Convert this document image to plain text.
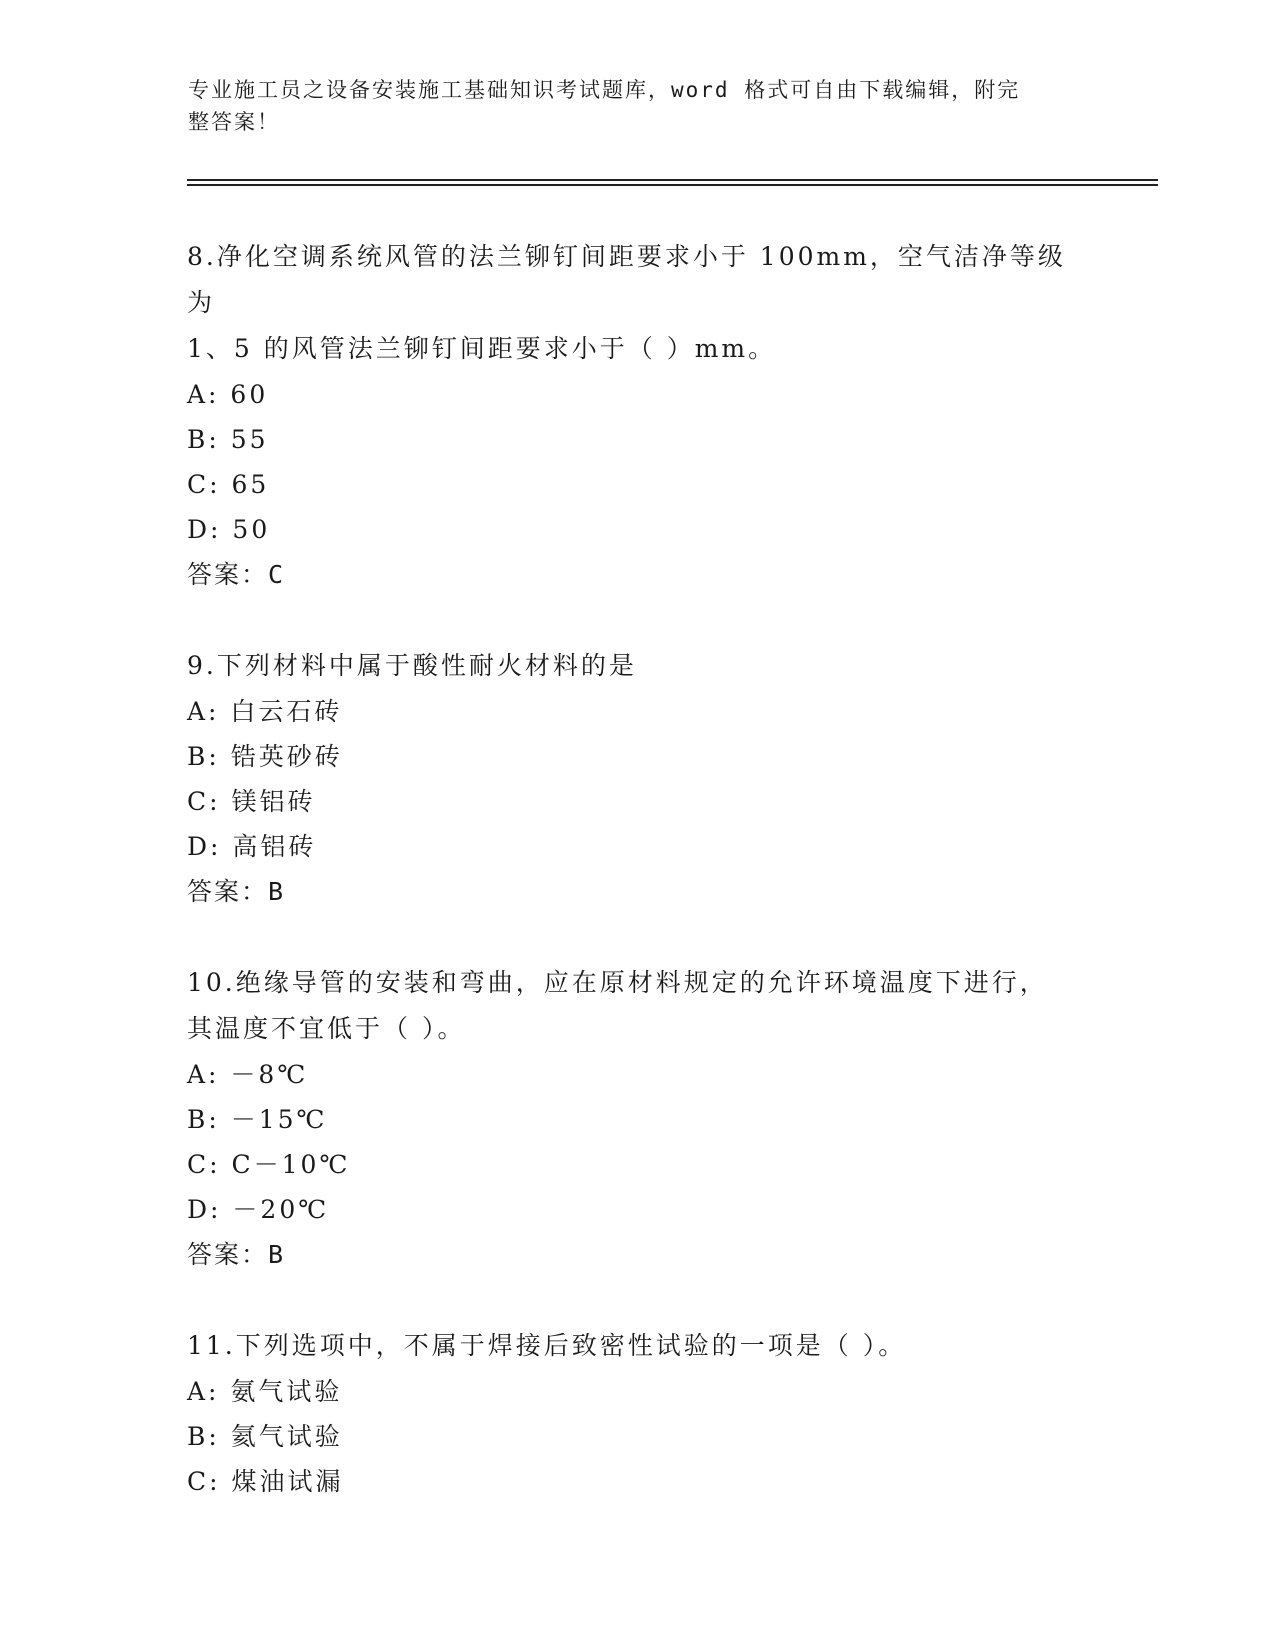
专业施工员之设备安装施工基础知识考试题库，word 格式可自由下载编辑，附完
整答案！
8.净化空调系统风管的法兰铆钉间距要求小于 100mm，空气洁净等级为
1、5 的风管法兰铆钉间距要求小于（ ）mm。
A: 60
B: 55
C: 65
D: 50
答案：C
9.下列材料中属于酸性耐火材料的是
A: 白云石砖
B: 锆英砂砖
C: 镁铝砖
D: 高铝砖
答案：B
10.绝缘导管的安装和弯曲，应在原材料规定的允许环境温度下进行，
其温度不宜低于（ ）。
A: －8℃
B: －15℃
C: C－10℃
D: －20℃
答案：B
11.下列选项中，不属于焊接后致密性试验的一项是（ ）。
A: 氨气试验
B: 氦气试验
C: 煤油试漏
